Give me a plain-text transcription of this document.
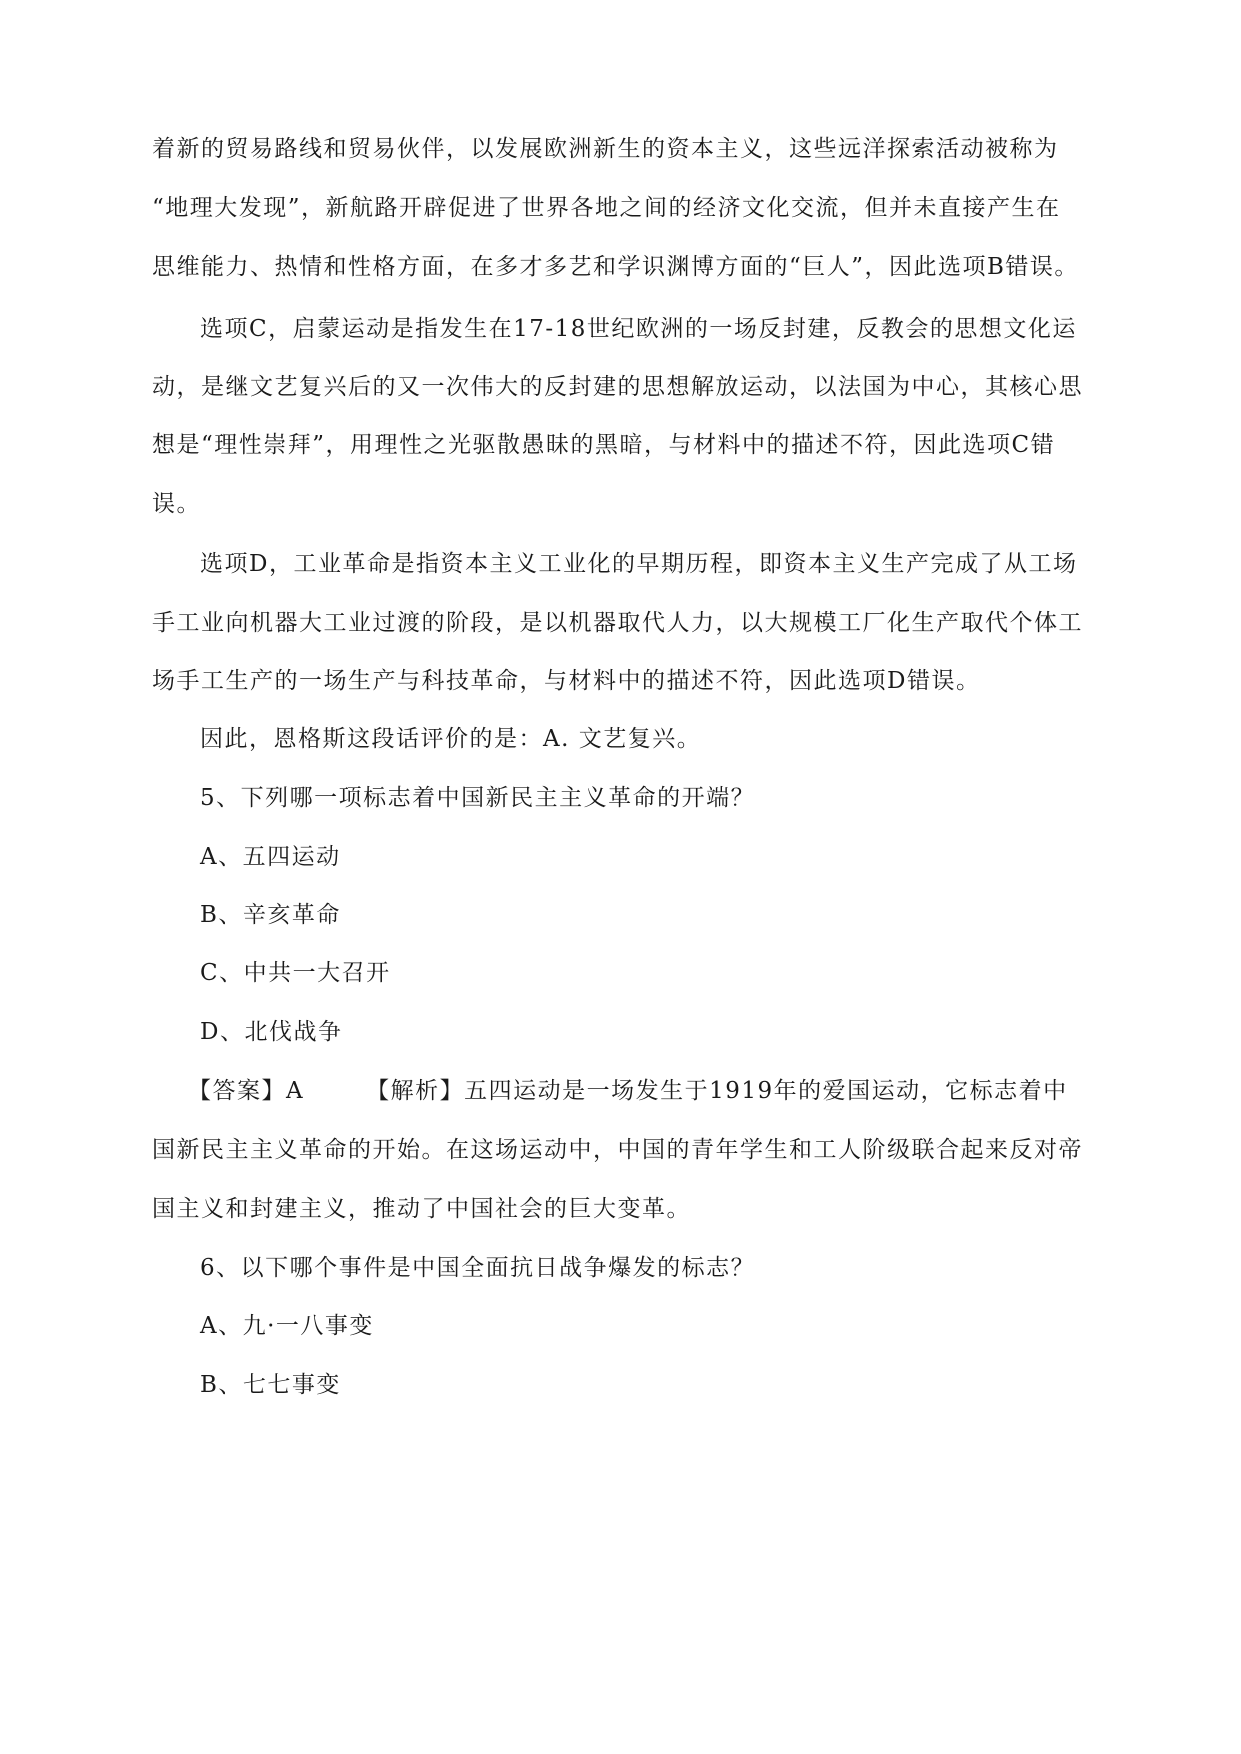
着新的贸易路线和贸易伙伴，以发展欧洲新生的资本主义，这些远洋探索活动被称为
“地理大发现”，新航路开辟促进了世界各地之间的经济文化交流，但并未直接产生在
思维能力、热情和性格方面，在多才多艺和学识渊博方面的“巨人”，因此选项B错误。
选项C，启蒙运动是指发生在17-18世纪欧洲的一场反封建，反教会的思想文化运
动，是继文艺复兴后的又一次伟大的反封建的思想解放运动，以法国为中心，其核心思
想是“理性崇拜”，用理性之光驱散愚昧的黑暗，与材料中的描述不符，因此选项C错
误。
选项D，工业革命是指资本主义工业化的早期历程，即资本主义生产完成了从工场
手工业向机器大工业过渡的阶段，是以机器取代人力，以大规模工厂化生产取代个体工
场手工生产的一场生产与科技革命，与材料中的描述不符，因此选项D错误。
因此，恩格斯这段话评价的是：A. 文艺复兴。
5、下列哪一项标志着中国新民主主义革命的开端？
A、五四运动
B、辛亥革命
C、中共一大召开
D、北伐战争
【答案】A　　　【解析】五四运动是一场发生于1919年的爱国运动，它标志着中
国新民主主义革命的开始。在这场运动中，中国的青年学生和工人阶级联合起来反对帝
国主义和封建主义，推动了中国社会的巨大变革。
6、以下哪个事件是中国全面抗日战争爆发的标志？
A、九·一八事变
B、七七事变
